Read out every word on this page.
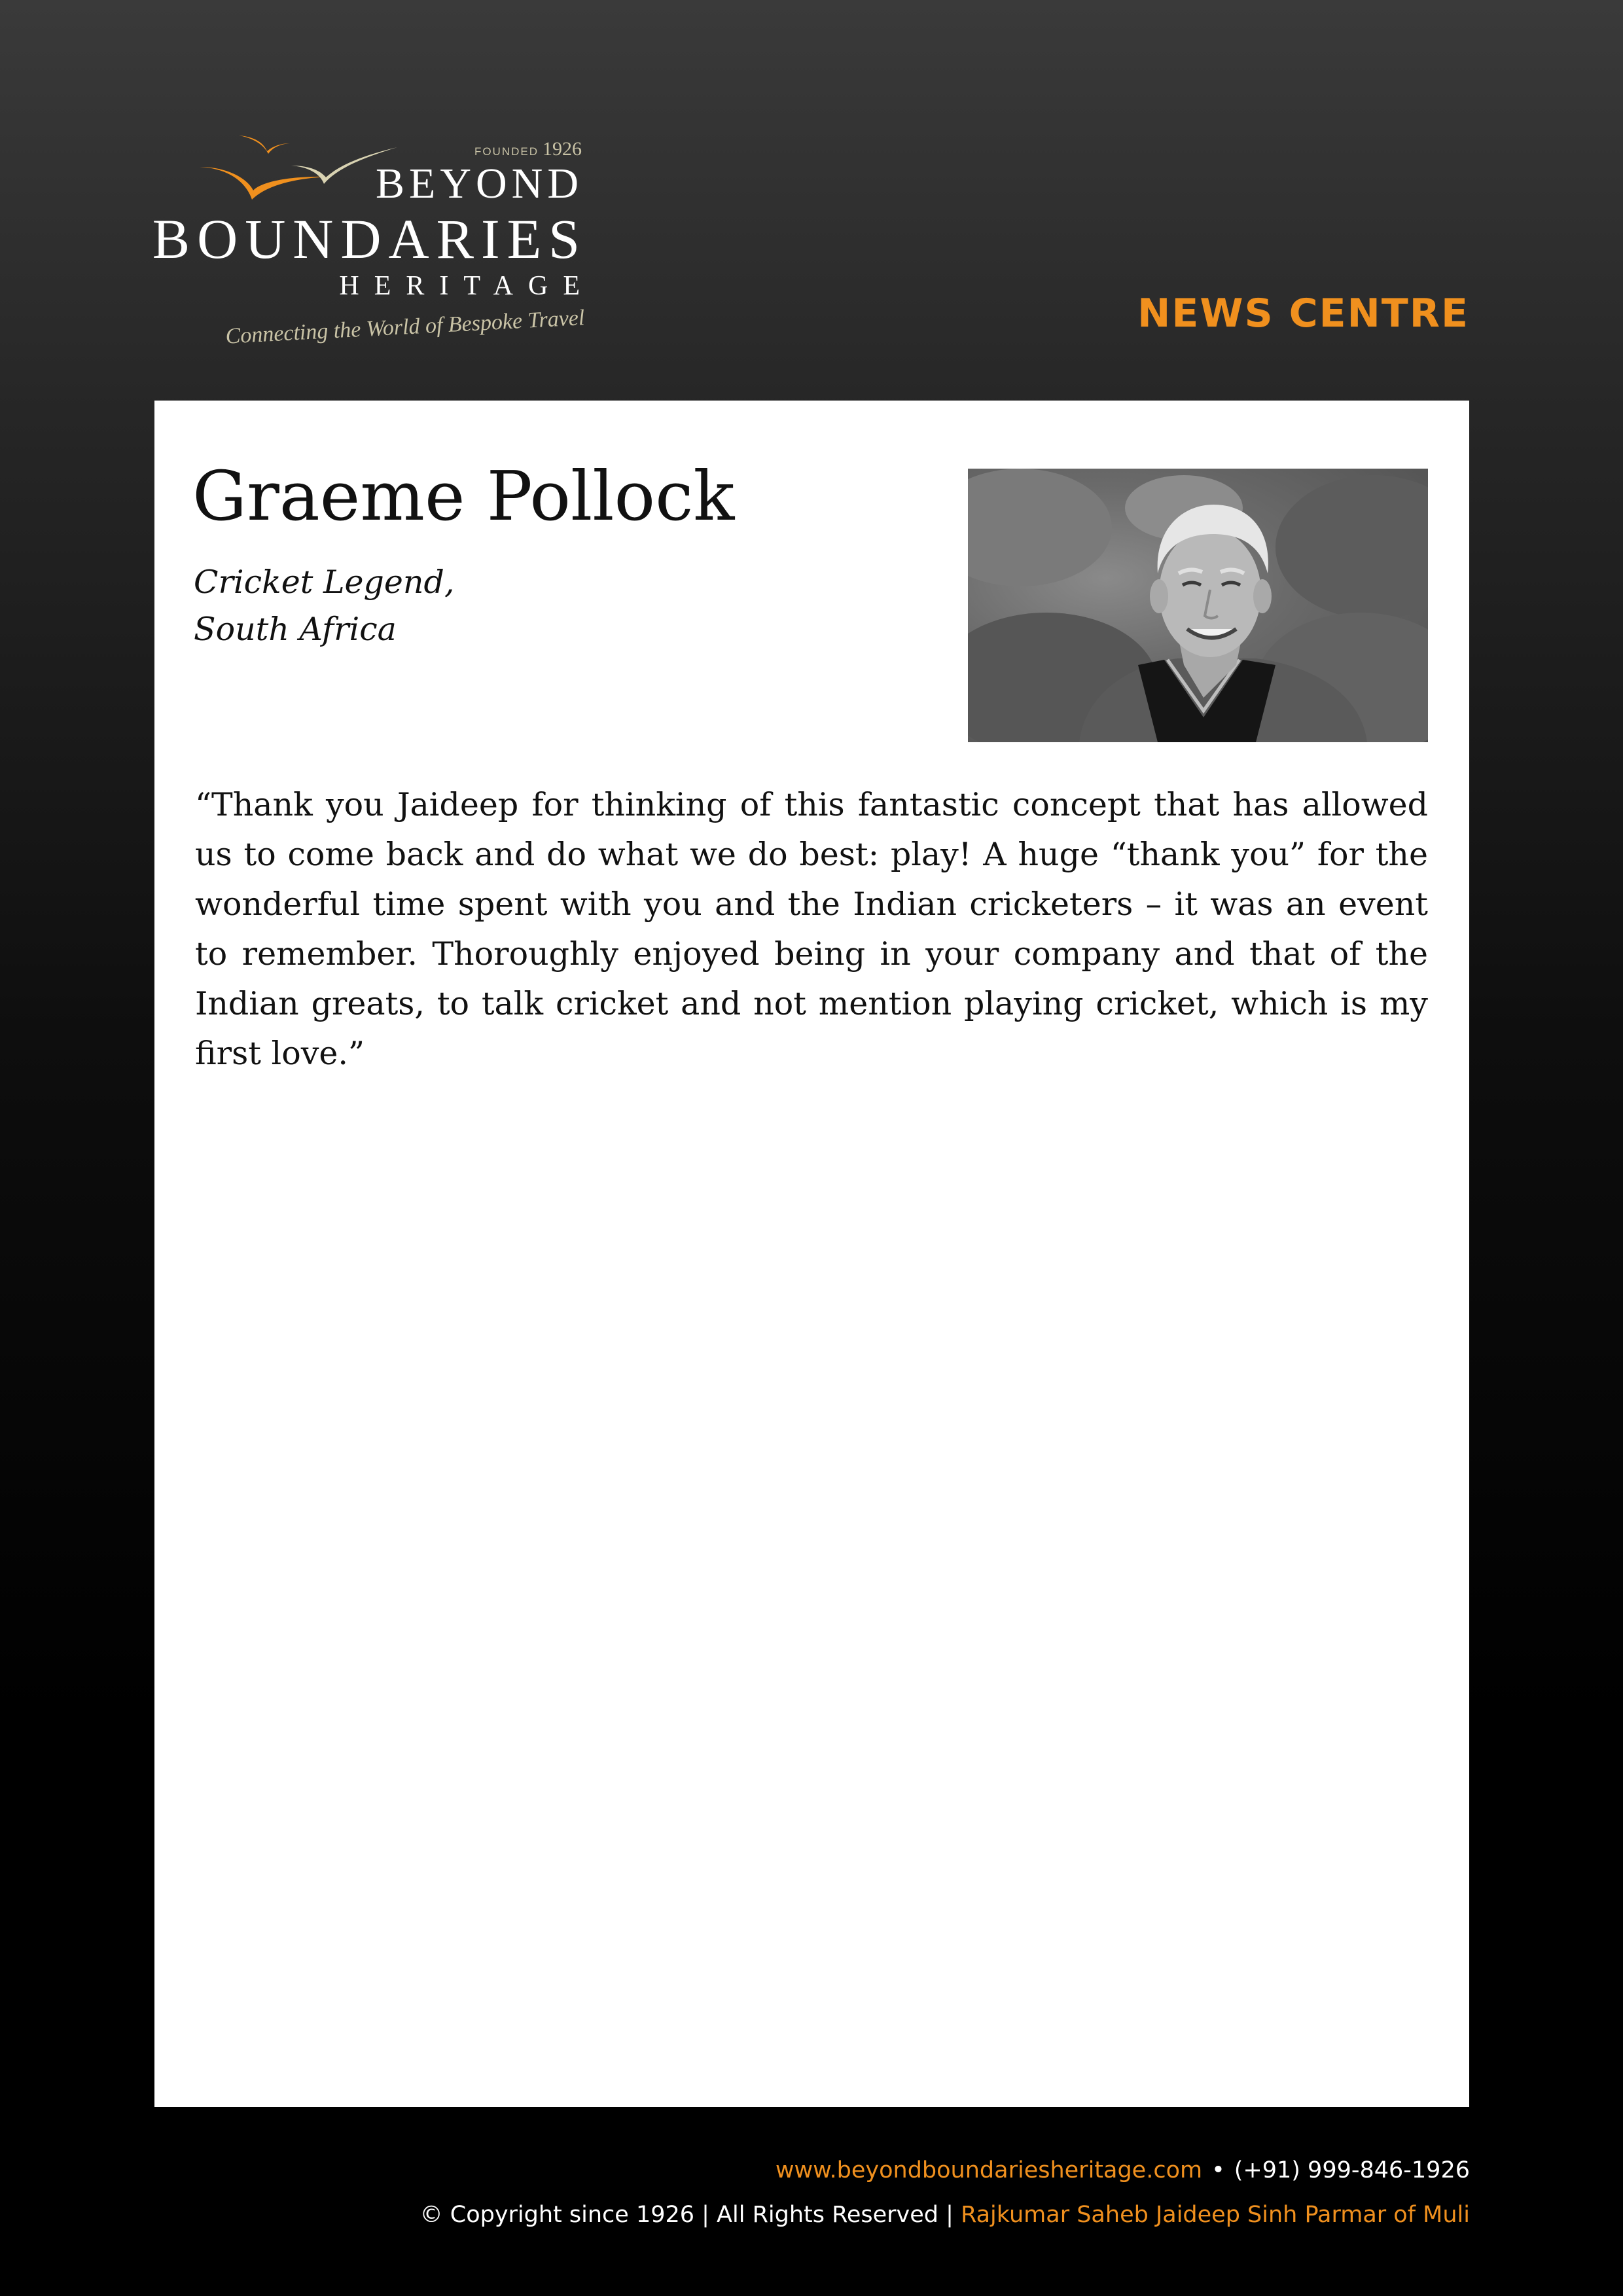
FOUNDED 1926
BEYOND
BOUNDARIES
HERITAGE
Connecting the World of Bespoke Travel	NEWS CENTRE
Graeme Pollock
Cricket Legend,
South Africa

“Thank you Jaideep for thinking of this fantastic concept that has allowed us to come back and do what we do best: play! A huge “thank you” for the wonderful time spent with you and the Indian cricketers – it was an event to remember. Thoroughly enjoyed being in your company and that of the Indian greats, to talk cricket and not mention playing cricket, which is my first love.”

www.beyondboundariesheritage.com • (+91) 999-846-1926
© Copyright since 1926 | All Rights Reserved | Rajkumar Saheb Jaideep Sinh Parmar of Muli
